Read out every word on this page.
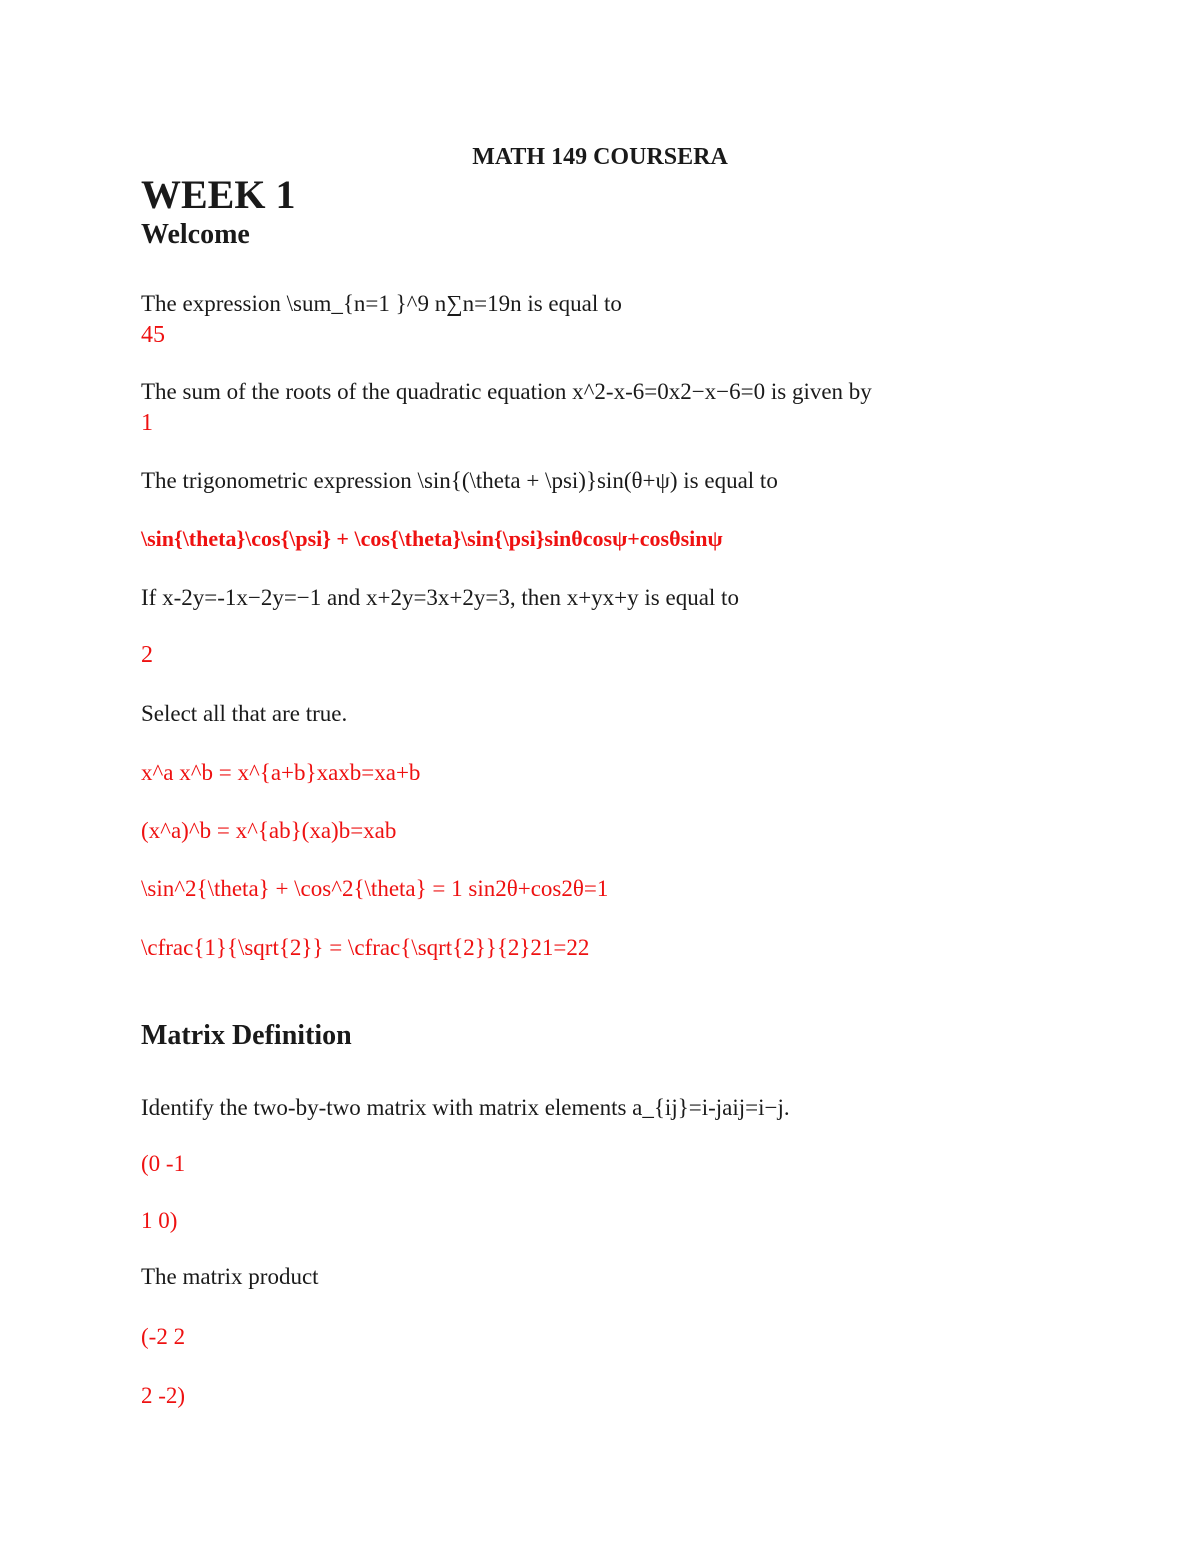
MATH 149 COURSERA
WEEK 1
Welcome
The expression \sum_{n=1 }^9 n∑n=19n is equal to
45
The sum of the roots of the quadratic equation x^2-x-6=0x2−x−6=0 is given by
1
The trigonometric expression \sin{(\theta + \psi)}sin(θ+ψ) is equal to
\sin{\theta}\cos{\psi} + \cos{\theta}\sin{\psi}sinθcosψ+cosθsinψ
If x-2y=-1x−2y=−1 and x+2y=3x+2y=3, then x+yx+y is equal to
2
Select all that are true.
x^a x^b = x^{a+b}xaxb=xa+b
(x^a)^b = x^{ab}(xa)b=xab
\sin^2{\theta} + \cos^2{\theta} = 1 sin2θ+cos2θ=1
\cfrac{1}{\sqrt{2}} = \cfrac{\sqrt{2}}{2}21=22
Matrix Definition
Identify the two-by-two matrix with matrix elements a_{ij}=i-jaij=i−j.
(0 -1
1 0)
The matrix product
(-2 2
2 -2)
